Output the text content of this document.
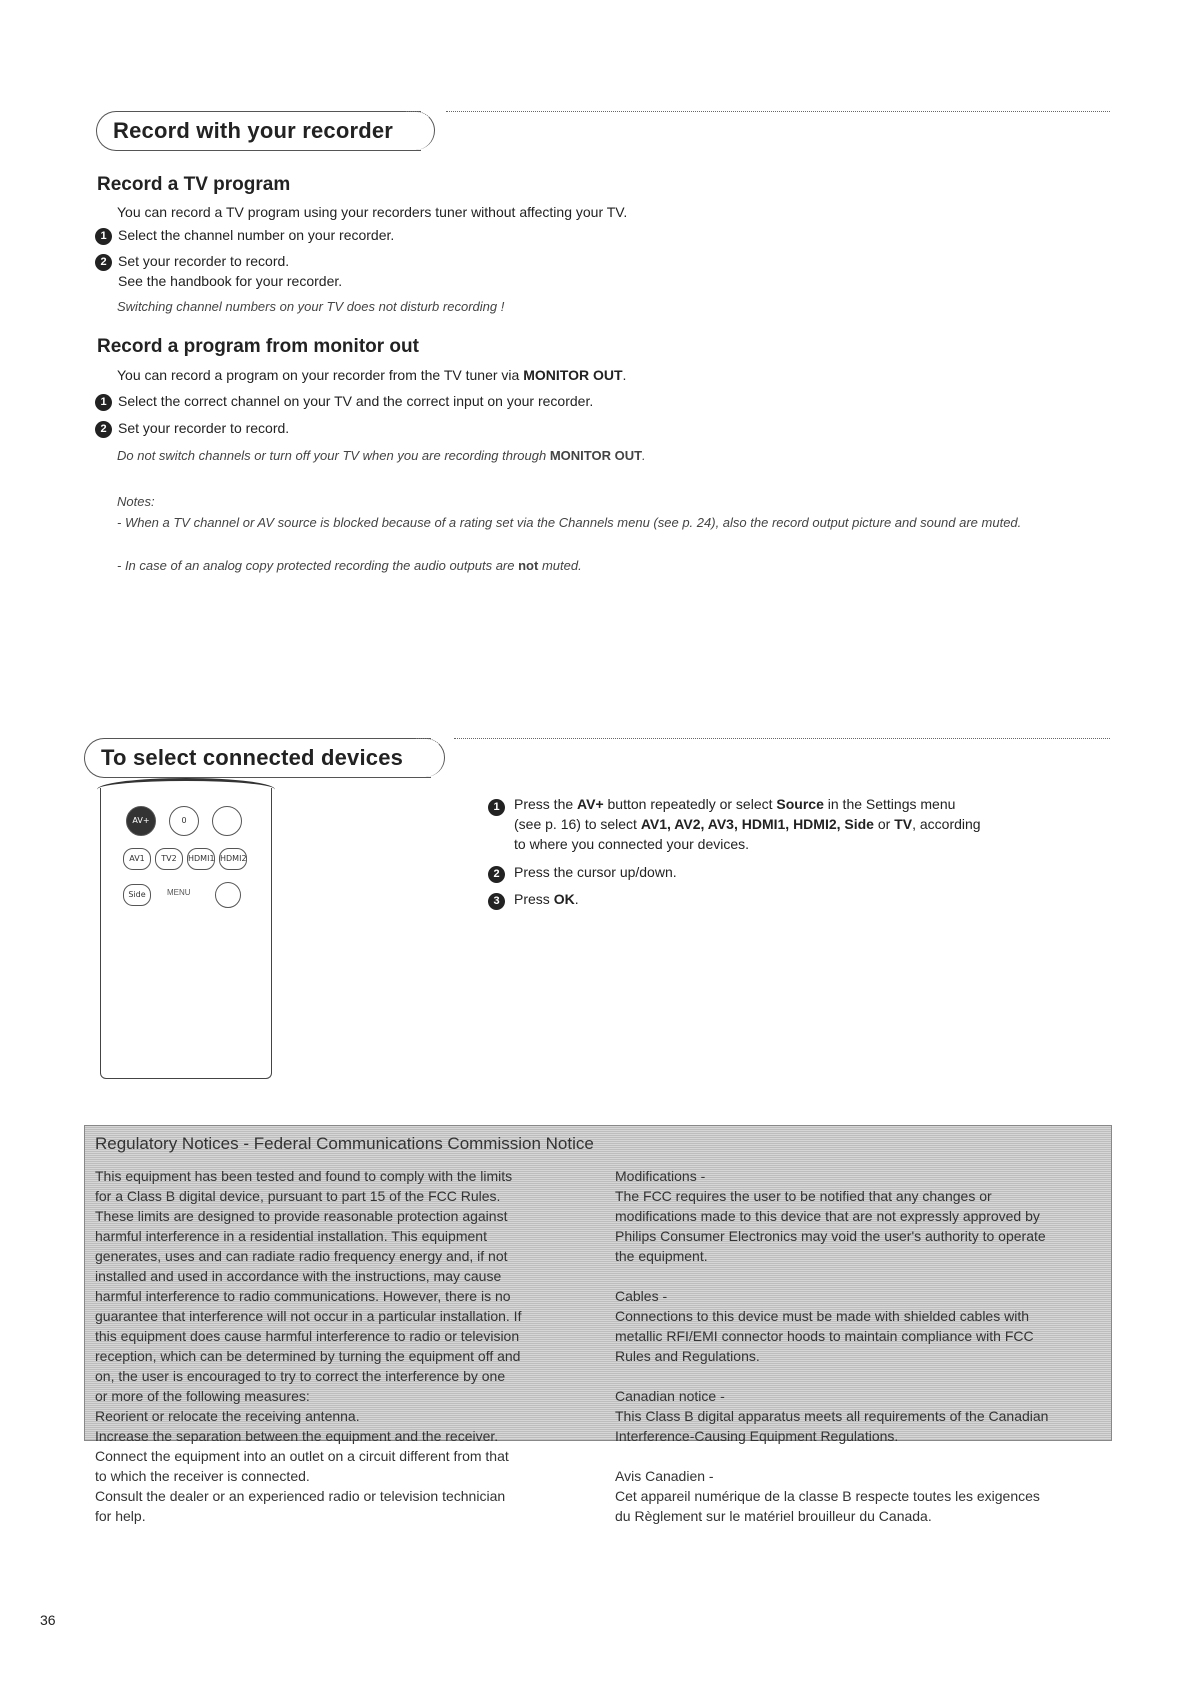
Record with your recorder
Record a TV program
You can record a TV program using your recorders tuner without affecting your TV.
1 Select the channel number on your recorder.
2 Set your recorder to record.
See the handbook for your recorder.
Switching channel numbers on your TV does not disturb recording !
Record a program from monitor out
You can record a program on your recorder from the TV tuner via MONITOR OUT.
1 Select the correct channel on your TV and the correct input on your recorder.
2 Set your recorder to record.
Do not switch channels or turn off your TV when you are recording through MONITOR OUT.
Notes:
- When a TV channel or AV source is blocked because of a rating set via the Channels menu (see p. 24), also the record output picture and sound are muted.
- In case of an analog copy protected recording the audio outputs are not muted.
To select connected devices
AV+	0
AV1	TV2	HDMI1 HDMI2
Side	MENU
1	Press the AV+ button repeatedly or select Source in the Settings menu
(see p. 16) to select AV1, AV2, AV3, HDMI1, HDMI2, Side or TV, according
to where you connected your devices.
2	Press the cursor up/down.
3	Press OK.
Regulatory Notices - Federal Communications Commission Notice
This equipment has been tested and found to comply with the limits
for a Class B digital device, pursuant to part 15 of the FCC Rules.
These limits are designed to provide reasonable protection against
harmful interference in a residential installation. This equipment
generates, uses and can radiate radio frequency energy and, if not
installed and used in accordance with the instructions, may cause
harmful interference to radio communications. However, there is no
guarantee that interference will not occur in a particular installation. If
this equipment does cause harmful interference to radio or television
reception, which can be determined by turning the equipment off and
on, the user is encouraged to try to correct the interference by one
or more of the following measures:
Reorient or relocate the receiving antenna.
Increase the separation between the equipment and the receiver.
Connect the equipment into an outlet on a circuit different from that
to which the receiver is connected.
Consult the dealer or an experienced radio or television technician
for help.
Modifications -
The FCC requires the user to be notified that any changes or
modifications made to this device that are not expressly approved by
Philips Consumer Electronics may void the user's authority to operate
the equipment.

Cables -
Connections to this device must be made with shielded cables with
metallic RFI/EMI connector hoods to maintain compliance with FCC
Rules and Regulations.

Canadian notice -
This Class B digital apparatus meets all requirements of the Canadian
Interference-Causing Equipment Regulations.

Avis Canadien -
Cet appareil numérique de la classe B respecte toutes les exigences
du Règlement sur le matériel brouilleur du Canada.
36
